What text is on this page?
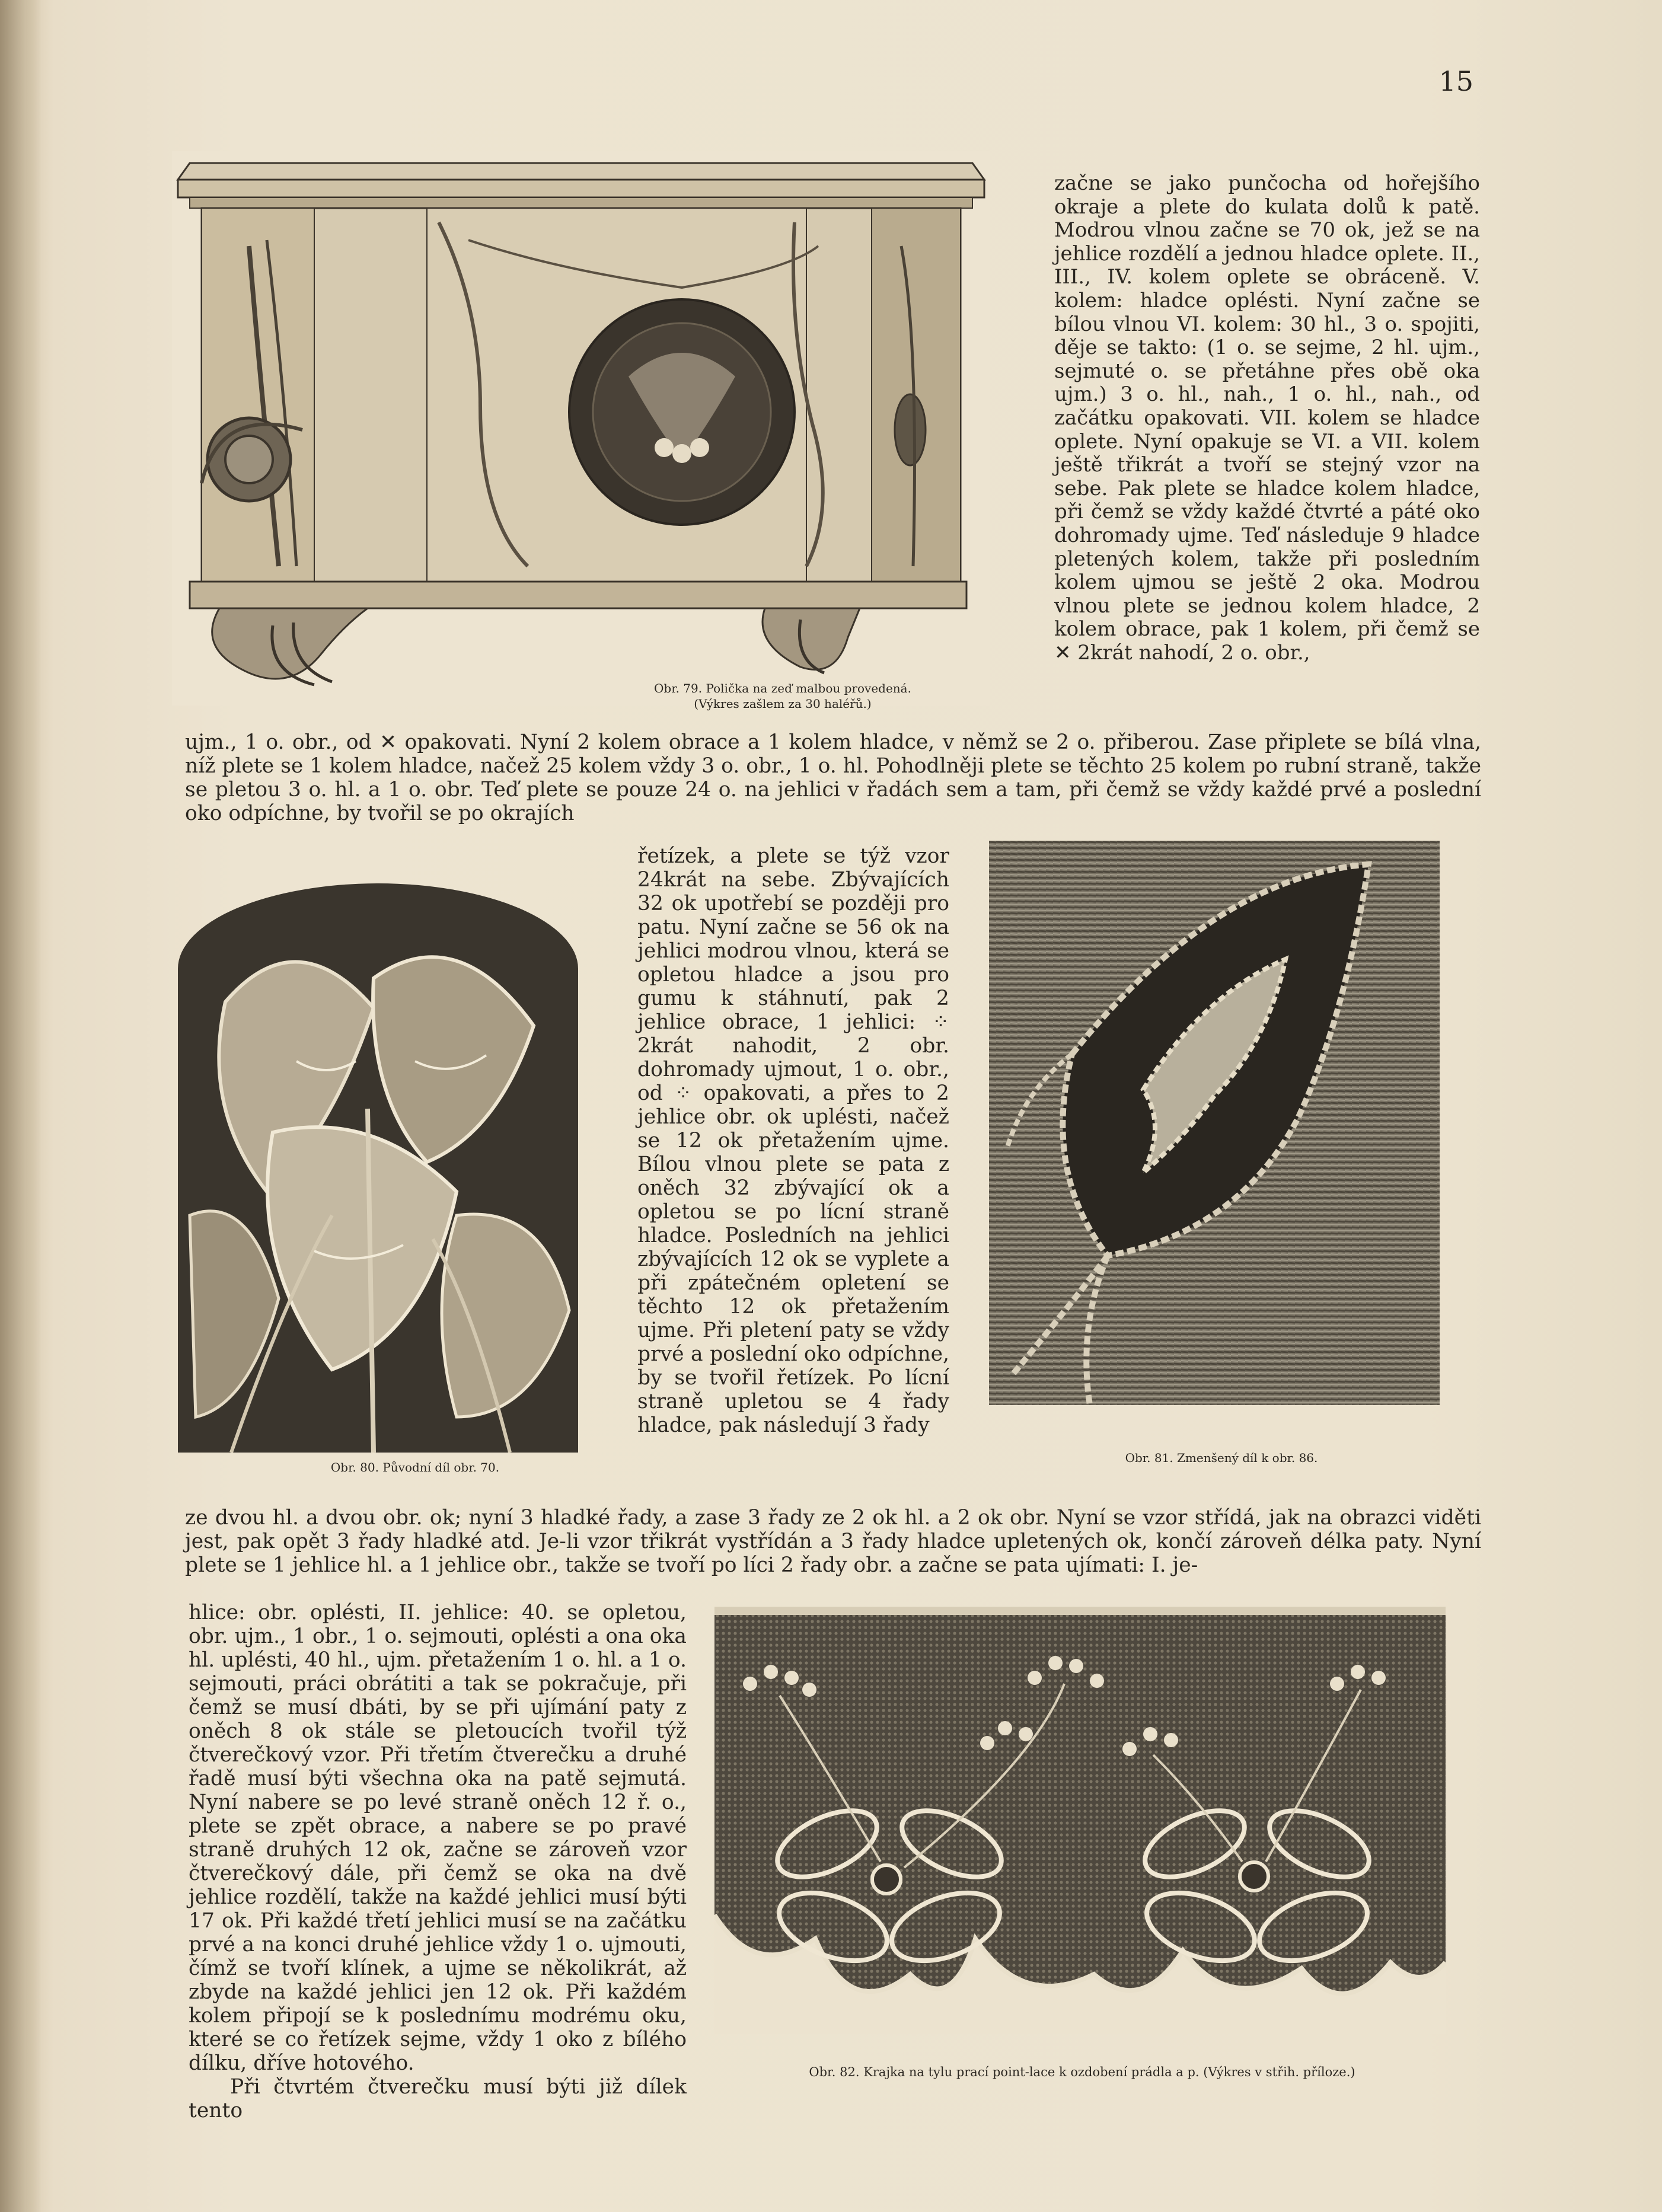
15
Obr. 79. Polička na zeď malbou provedená.
(Výkres zašlem za 30 haléřů.)
začne se jako punčocha od hořejšího okraje a plete do kulata dolů k patě. Modrou vlnou začne se 70 ok, jež se na jehlice rozdělí a jednou hladce oplete. II., III., IV. kolem oplete se obráceně. V. kolem: hladce oplésti. Nyní začne se bílou vlnou VI. kolem: 30 hl., 3 o. spojiti, děje se takto: (1 o. se sejme, 2 hl. ujm., sejmuté o. se přetáhne přes obě oka ujm.) 3 o. hl., nah., 1 o. hl., nah., od začátku opakovati. VII. kolem se hladce oplete. Nyní opakuje se VI. a VII. kolem ještě třikrát a tvoří se stejný vzor na sebe. Pak plete se hladce kolem hladce, při čemž se vždy každé čtvrté a páté oko dohromady ujme. Teď následuje 9 hladce pletených kolem, takže při posledním kolem ujmou se ještě 2 oka. Modrou vlnou plete se jednou kolem hladce, 2 kolem obrace, pak 1 kolem, při čemž se ✕ 2krát nahodí, 2 o. obr.,
ujm., 1 o. obr., od ✕ opakovati. Nyní 2 kolem obrace a 1 kolem hladce, v němž se 2 o. přiberou. Zase připlete se bílá vlna, níž plete se 1 kolem hladce, načež 25 kolem vždy 3 o. obr., 1 o. hl. Pohodlněji plete se těchto 25 kolem po rubní straně, takže se pletou 3 o. hl. a 1 o. obr. Teď plete se pouze 24 o. na jehlici v řadách sem a tam, při čemž se vždy každé prvé a poslední oko odpíchne, by tvořil se po okrajích
Obr. 80. Původní díl obr. 70.
řetízek, a plete se týž vzor 24krát na sebe. Zbývajících 32 ok upotřebí se později pro patu. Nyní začne se 56 ok na jehlici modrou vlnou, která se opletou hladce a jsou pro gumu k stáhnutí, pak 2 jehlice obrace, 1 jehlici: ⁘ 2krát nahodit, 2 obr. dohromady ujmout, 1 o. obr., od ⁘ opakovati, a přes to 2 jehlice obr. ok uplésti, načež se 12 ok přetažením ujme. Bílou vlnou plete se pata z oněch 32 zbývající ok a opletou se po lícní straně hladce. Posledních na jehlici zbývajících 12 ok se vyplete a při zpátečném opletení se těchto 12 ok přetažením ujme. Při pletení paty se vždy prvé a poslední oko odpíchne, by se tvořil řetízek. Po lícní straně upletou se 4 řady hladce, pak následují 3 řady
Obr. 81. Zmenšený díl k obr. 86.
ze dvou hl. a dvou obr. ok; nyní 3 hladké řady, a zase 3 řady ze 2 ok hl. a 2 ok obr. Nyní se vzor střídá, jak na obrazci viděti jest, pak opět 3 řady hladké atd. Je-li vzor třikrát vystřídán a 3 řady hladce upletených ok, končí zároveň délka paty. Nyní plete se 1 jehlice hl. a 1 jehlice obr., takže se tvoří po líci 2 řady obr. a začne se pata ujímati: I. je-

hlice: obr. oplésti, II. jehlice: 40. se opletou, obr. ujm., 1 obr., 1 o. sejmouti, oplésti a ona oka hl. uplésti, 40 hl., ujm. přetažením 1 o. hl. a 1 o. sejmouti, práci obrátiti a tak se pokračuje, při čemž se musí dbáti, by se při ujímání paty z oněch 8 ok stále se pletoucích tvořil týž čtverečkový vzor. Při třetím čtverečku a druhé řadě musí býti všechna oka na patě sejmutá. Nyní nabere se po levé straně oněch 12 ř. o., plete se zpět obrace, a nabere se po pravé straně druhých 12 ok, začne se zároveň vzor čtverečkový dále, při čemž se oka na dvě jehlice rozdělí, takže na každé jehlici musí býti 17 ok. Při každé třetí jehlici musí se na začátku prvé a na konci druhé jehlice vždy 1 o. ujmouti, čímž se tvoří klínek, a ujme se několikrát, až zbyde na každé jehlici jen 12 ok. Při každém kolem připojí se k poslednímu modrému oku, které se co řetízek sejme, vždy 1 oko z bílého dílku, dříve hotového.

Při čtvrtém čtverečku musí býti již dílek tento

Obr. 82. Krajka na tylu prací point-lace k ozdobení prádla a p. (Výkres v střih. příloze.)
